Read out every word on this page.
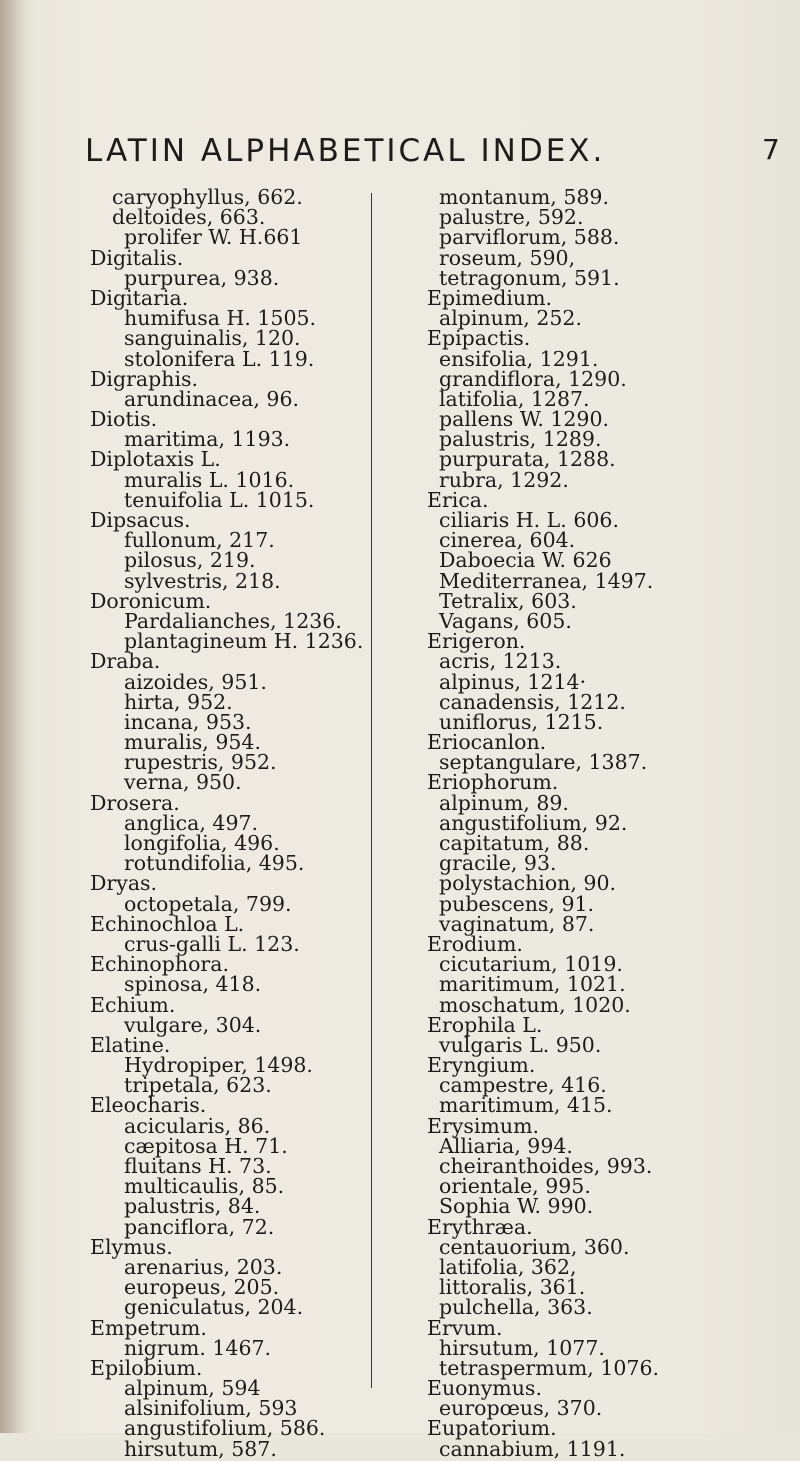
LATIN ALPHABETICAL INDEX.	7
caryophyllus, 662.
deltoides, 663.
prolifer W. H.661
Digitalis.
purpurea, 938.
Digitaria.
humifusa H. 1505.
sanguinalis, 120.
stolonifera L. 119.
Digraphis.
arundinacea, 96.
Diotis.
maritima, 1193.
Diplotaxis L.
muralis L. 1016.
tenuifolia L. 1015.
Dipsacus.
fullonum, 217.
pilosus, 219.
sylvestris, 218.
Doronicum.
Pardalianches, 1236.
plantagineum H. 1236.
Draba.
aizoides, 951.
hirta, 952.
incana, 953.
muralis, 954.
rupestris, 952.
verna, 950.
Drosera.
anglica, 497.
longifolia, 496.
rotundifolia, 495.
Dryas.
octopetala, 799.
Echinochloa L.
crus-galli L. 123.
Echinophora.
spinosa, 418.
Echium.
vulgare, 304.
Elatine.
Hydropiper, 1498.
tripetala, 623.
Eleocharis.
acicularis, 86.
cæpitosa H. 71.
fluitans H. 73.
multicaulis, 85.
palustris, 84.
panciflora, 72.
Elymus.
arenarius, 203.
europeus, 205.
geniculatus, 204.
Empetrum.
nigrum. 1467.
Epilobium.
alpinum, 594
alsinifolium, 593
angustifolium, 586.
hirsutum, 587.
montanum, 589.
palustre, 592.
parviflorum, 588.
roseum, 590,
tetragonum, 591.
Epimedium.
alpinum, 252.
Epipactis.
ensifolia, 1291.
grandiflora, 1290.
latifolia, 1287.
pallens W. 1290.
palustris, 1289.
purpurata, 1288.
rubra, 1292.
Erica.
ciliaris H. L. 606.
cinerea, 604.
Daboecia W. 626
Mediterranea, 1497.
Tetralix, 603.
Vagans, 605.
Erigeron.
acris, 1213.
alpinus, 1214·
canadensis, 1212.
uniflorus, 1215.
Eriocanlon.
septangulare, 1387.
Eriophorum.
alpinum, 89.
angustifolium, 92.
capitatum, 88.
gracile, 93.
polystachion, 90.
pubescens, 91.
vaginatum, 87.
Erodium.
cicutarium, 1019.
maritimum, 1021.
moschatum, 1020.
Erophila L.
vulgaris L. 950.
Eryngium.
campestre, 416.
maritimum, 415.
Erysimum.
Alliaria, 994.
cheiranthoides, 993.
orientale, 995.
Sophia W. 990.
Erythræa.
centauorium, 360.
latifolia, 362,
littoralis, 361.
pulchella, 363.
Ervum.
hirsutum, 1077.
tetraspermum, 1076.
Euonymus.
europœus, 370.
Eupatorium.
cannabium, 1191.
